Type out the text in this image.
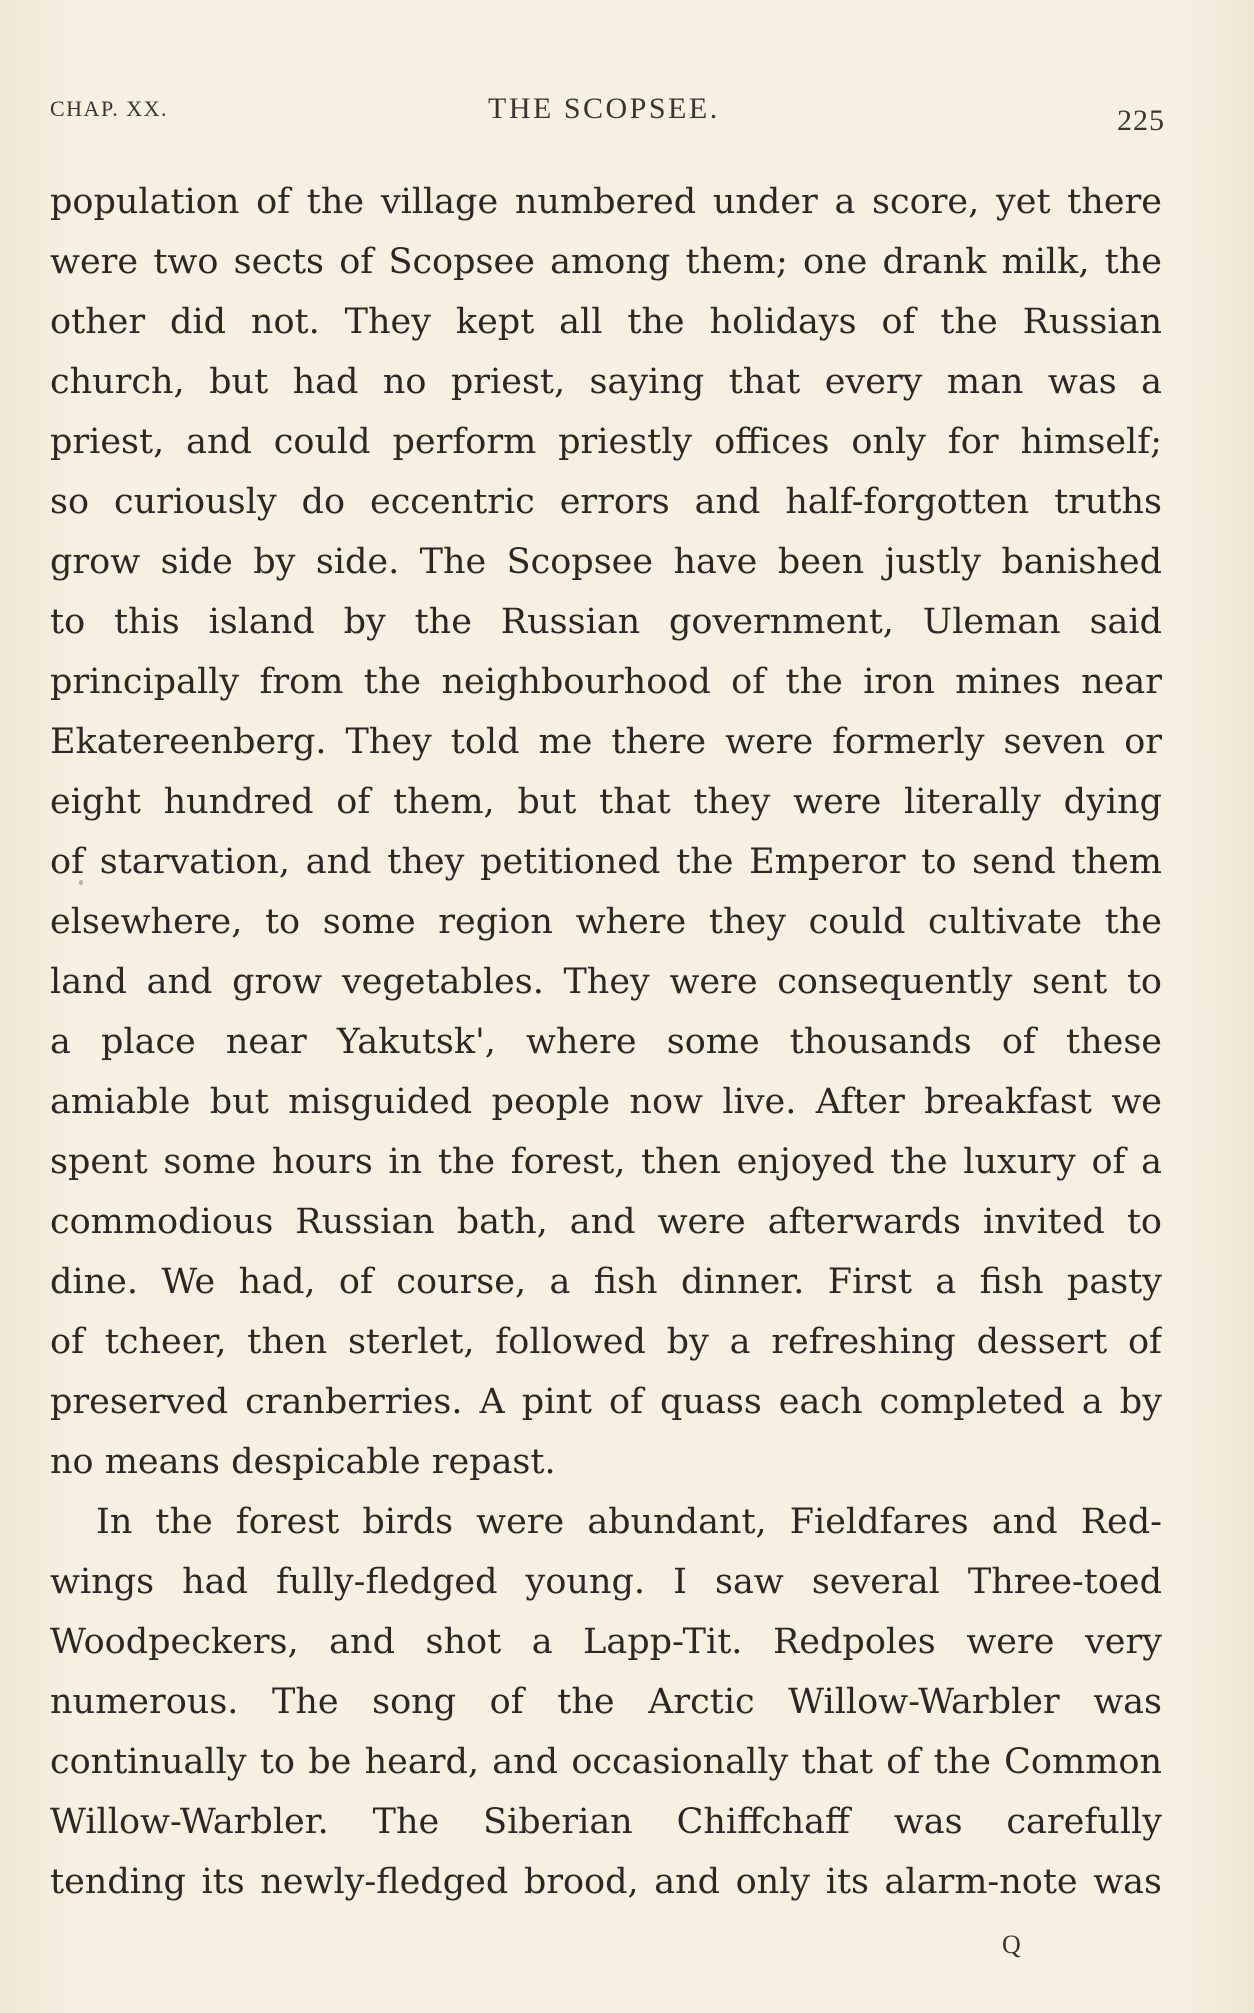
CHAP. XX.	THE SCOPSEE.	225
population of the village numbered under a score, yet there
were two sects of Scopsee among them; one drank milk, the
other did not. They kept all the holidays of the Russian
church, but had no priest, saying that every man was a
priest, and could perform priestly offices only for himself;
so curiously do eccentric errors and half-forgotten truths
grow side by side. The Scopsee have been justly banished
to this island by the Russian government, Uleman said
principally from the neighbourhood of the iron mines near
Ekatereenberg. They told me there were formerly seven or
eight hundred of them, but that they were literally dying
of starvation, and they petitioned the Emperor to send them
elsewhere, to some region where they could cultivate the
land and grow vegetables. They were consequently sent to
a place near Yakutsk', where some thousands of these
amiable but misguided people now live. After breakfast we
spent some hours in the forest, then enjoyed the luxury of a
commodious Russian bath, and were afterwards invited to
dine. We had, of course, a fish dinner. First a fish pasty
of tcheer, then sterlet, followed by a refreshing dessert of
preserved cranberries. A pint of quass each completed a by
no means despicable repast.
In the forest birds were abundant, Fieldfares and Red-
wings had fully-fledged young. I saw several Three-toed
Woodpeckers, and shot a Lapp-Tit. Redpoles were very
numerous. The song of the Arctic Willow-Warbler was
continually to be heard, and occasionally that of the Common
Willow-Warbler. The Siberian Chiffchaff was carefully
tending its newly-fledged brood, and only its alarm-note was
Q
